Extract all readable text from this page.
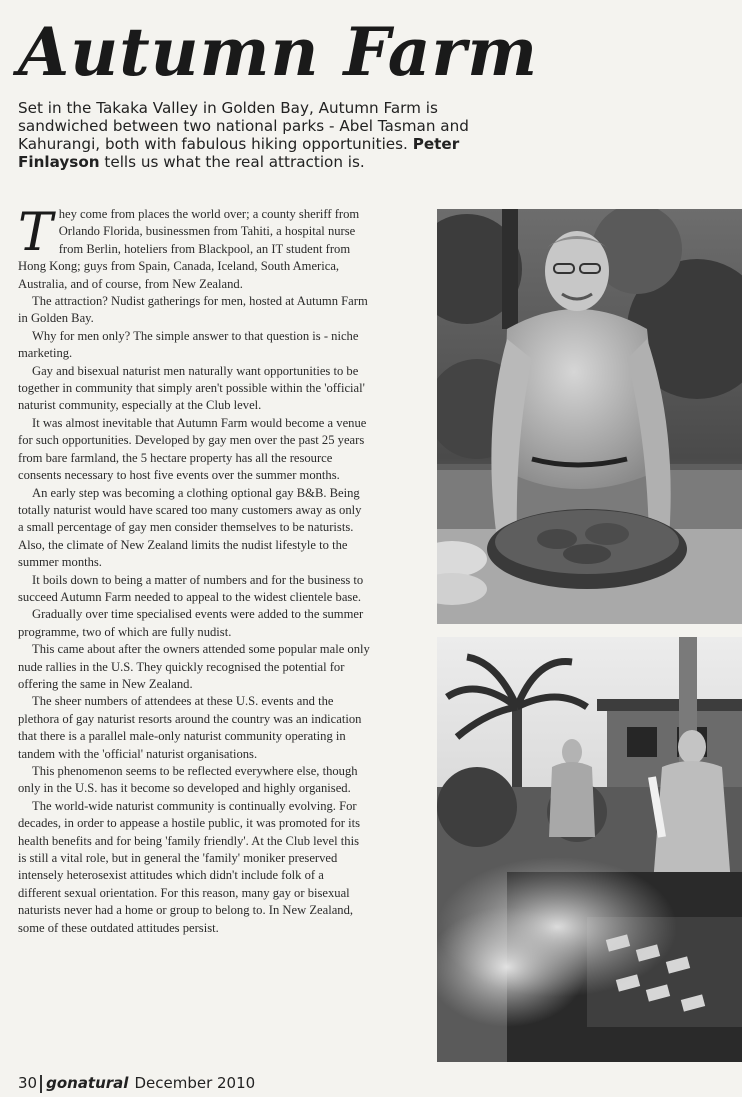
Autumn Farm
Set in the Takaka Valley in Golden Bay, Autumn Farm is sandwiched between two national parks - Abel Tasman and Kahurangi, both with fabulous hiking opportunities. Peter Finlayson tells us what the real attraction is.

They come from places the world over; a county sheriff from Orlando Florida, businessmen from Tahiti, a hospital nurse from Berlin, hoteliers from Blackpool, an IT student from Hong Kong; guys from Spain, Canada, Iceland, South America, Australia, and of course, from New Zealand.

The attraction? Nudist gatherings for men, hosted at Autumn Farm in Golden Bay.

Why for men only? The simple answer to that question is - niche marketing.

Gay and bisexual naturist men naturally want opportunities to be together in community that simply aren't possible within the 'official' naturist community, especially at the Club level.

It was almost inevitable that Autumn Farm would become a venue for such opportunities. Developed by gay men over the past 25 years from bare farmland, the 5 hectare property has all the resource consents necessary to host five events over the summer months.

An early step was becoming a clothing optional gay B&B. Being totally naturist would have scared too many customers away as only a small percentage of gay men consider themselves to be naturists. Also, the climate of New Zealand limits the nudist lifestyle to the summer months.

It boils down to being a matter of numbers and for the business to succeed Autumn Farm needed to appeal to the widest clientele base.

Gradually over time specialised events were added to the summer programme, two of which are fully nudist.

This came about after the owners attended some popular male only nude rallies in the U.S. They quickly recognised the potential for offering the same in New Zealand.

The sheer numbers of attendees at these U.S. events and the plethora of gay naturist resorts around the country was an indication that there is a parallel male-only naturist community operating in tandem with the 'official' naturist organisations.

This phenomenon seems to be reflected everywhere else, though only in the U.S. has it become so developed and highly organised.

The world-wide naturist community is continually evolving. For decades, in order to appease a hostile public, it was promoted for its health benefits and for being 'family friendly'. At the Club level this is still a vital role, but in general the 'family' moniker preserved intensely heterosexist attitudes which didn't include folk of a different sexual orientation. For this reason, many gay or bisexual naturists never had a home or group to belong to. In New Zealand, some of these outdated attitudes persist.

30 gonatural December 2010
